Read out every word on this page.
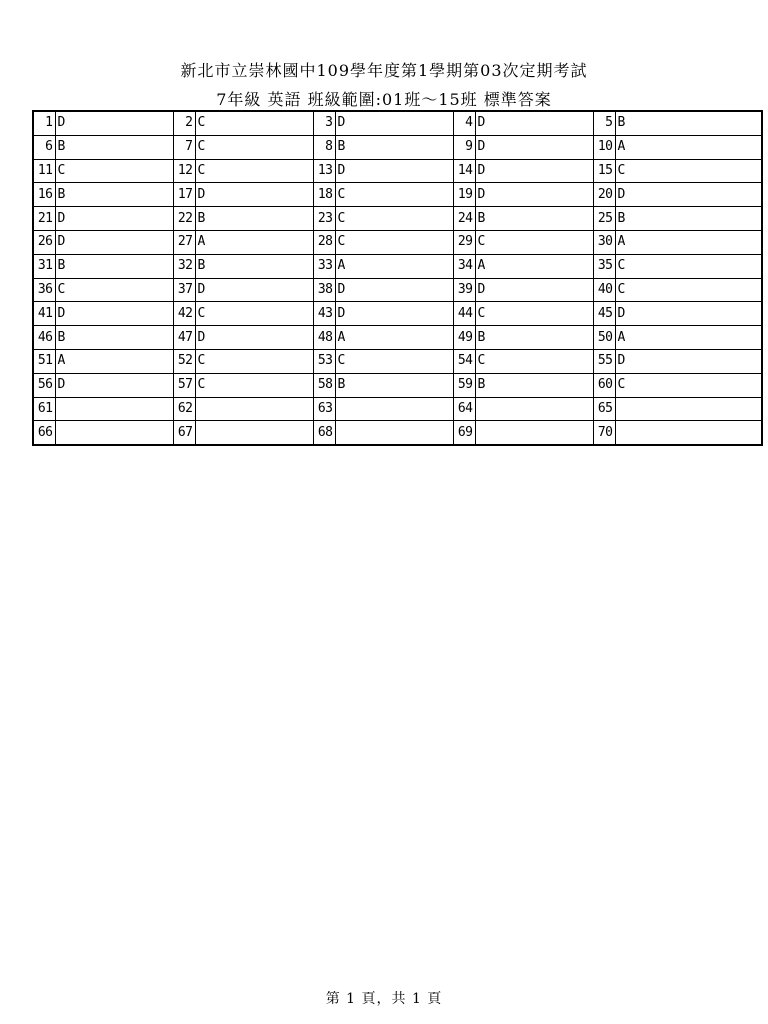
新北市立崇林國中109學年度第1學期第03次定期考試
7年級 英語 班級範圍:01班～15班 標準答案
1	D	2	C	3	D	4	D	5	B
6	B	7	C	8	B	9	D	10	A
11	C	12	C	13	D	14	D	15	C
16	B	17	D	18	C	19	D	20	D
21	D	22	B	23	C	24	B	25	B
26	D	27	A	28	C	29	C	30	A
31	B	32	B	33	A	34	A	35	C
36	C	37	D	38	D	39	D	40	C
41	D	42	C	43	D	44	C	45	D
46	B	47	D	48	A	49	B	50	A
51	A	52	C	53	C	54	C	55	D
56	D	57	C	58	B	59	B	60	C
61		62		63		64		65	
66		67		68		69		70	
第 1 頁，共 1 頁
